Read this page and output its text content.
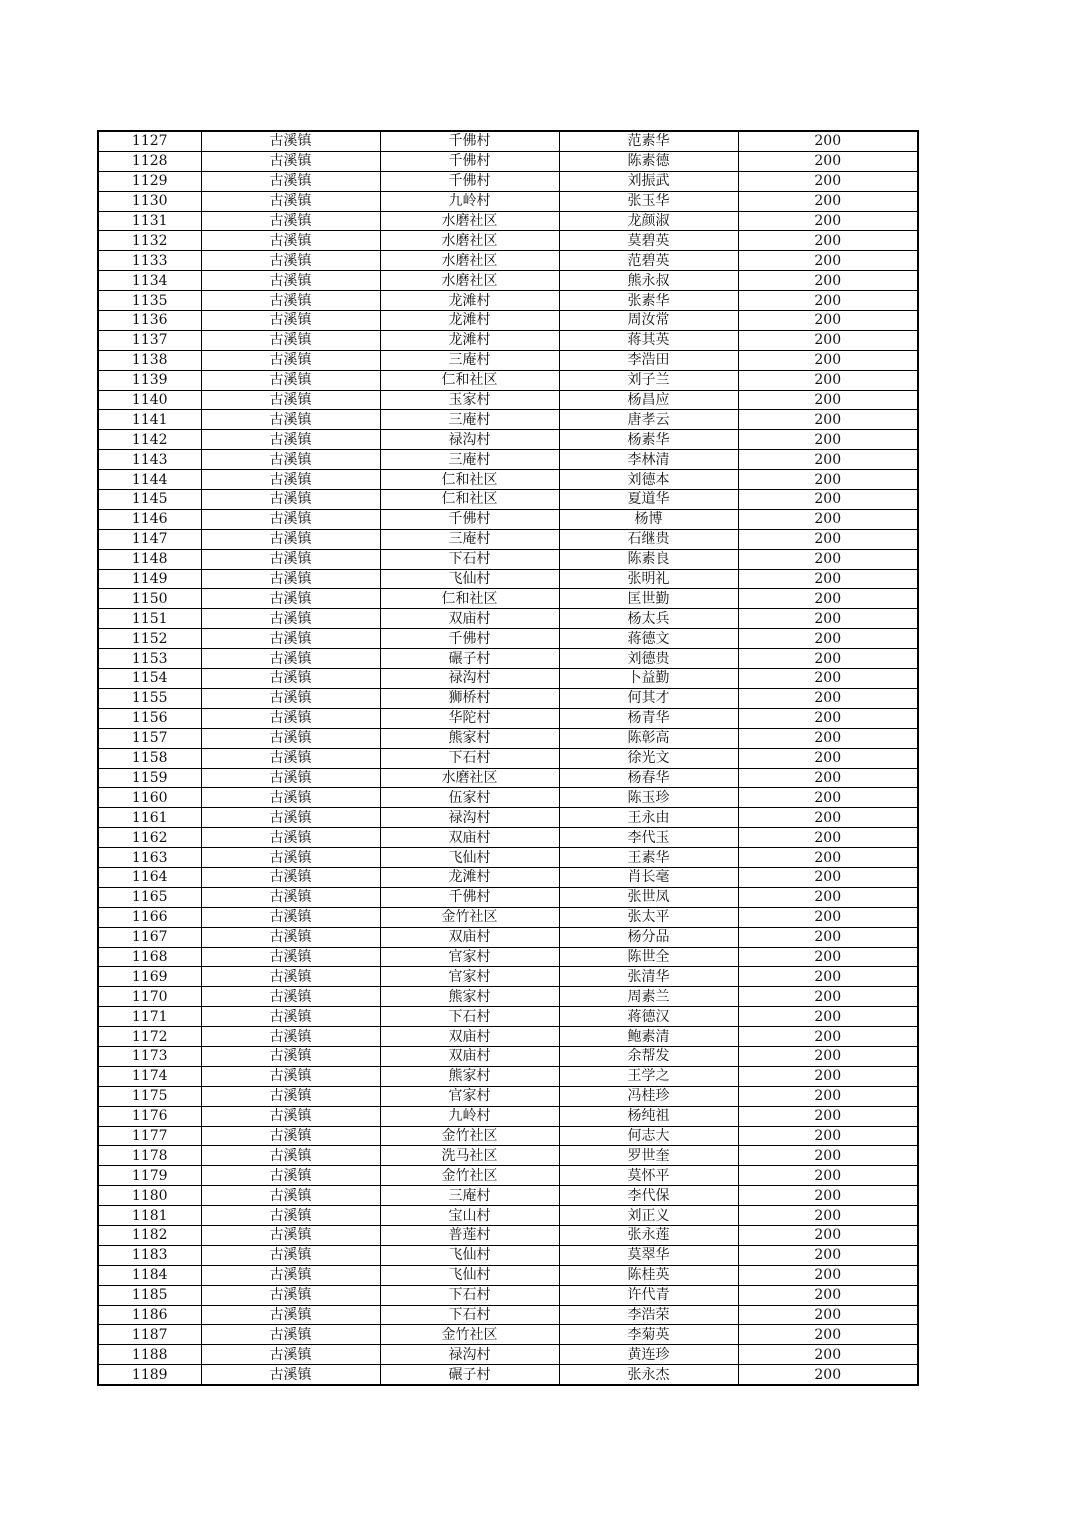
1127	古溪镇	千佛村	范素华	200
1128	古溪镇	千佛村	陈素德	200
1129	古溪镇	千佛村	刘振武	200
1130	古溪镇	九岭村	张玉华	200
1131	古溪镇	水磨社区	龙颜淑	200
1132	古溪镇	水磨社区	莫碧英	200
1133	古溪镇	水磨社区	范碧英	200
1134	古溪镇	水磨社区	熊永叔	200
1135	古溪镇	龙滩村	张素华	200
1136	古溪镇	龙滩村	周汝常	200
1137	古溪镇	龙滩村	蒋其英	200
1138	古溪镇	三庵村	李浩田	200
1139	古溪镇	仁和社区	刘子兰	200
1140	古溪镇	玉家村	杨昌应	200
1141	古溪镇	三庵村	唐孝云	200
1142	古溪镇	禄沟村	杨素华	200
1143	古溪镇	三庵村	李林清	200
1144	古溪镇	仁和社区	刘德本	200
1145	古溪镇	仁和社区	夏道华	200
1146	古溪镇	千佛村	杨博	200
1147	古溪镇	三庵村	石继贵	200
1148	古溪镇	下石村	陈素良	200
1149	古溪镇	飞仙村	张明礼	200
1150	古溪镇	仁和社区	匡世勤	200
1151	古溪镇	双庙村	杨太兵	200
1152	古溪镇	千佛村	蒋德文	200
1153	古溪镇	碾子村	刘德贵	200
1154	古溪镇	禄沟村	卜益勤	200
1155	古溪镇	狮桥村	何其才	200
1156	古溪镇	华陀村	杨青华	200
1157	古溪镇	熊家村	陈彰高	200
1158	古溪镇	下石村	徐光文	200
1159	古溪镇	水磨社区	杨春华	200
1160	古溪镇	伍家村	陈玉珍	200
1161	古溪镇	禄沟村	王永由	200
1162	古溪镇	双庙村	李代玉	200
1163	古溪镇	飞仙村	王素华	200
1164	古溪镇	龙滩村	肖长毫	200
1165	古溪镇	千佛村	张世凤	200
1166	古溪镇	金竹社区	张太平	200
1167	古溪镇	双庙村	杨分品	200
1168	古溪镇	官家村	陈世全	200
1169	古溪镇	官家村	张清华	200
1170	古溪镇	熊家村	周素兰	200
1171	古溪镇	下石村	蒋德汉	200
1172	古溪镇	双庙村	鲍素清	200
1173	古溪镇	双庙村	余帮发	200
1174	古溪镇	熊家村	王学之	200
1175	古溪镇	官家村	冯桂珍	200
1176	古溪镇	九岭村	杨纯祖	200
1177	古溪镇	金竹社区	何志大	200
1178	古溪镇	洗马社区	罗世奎	200
1179	古溪镇	金竹社区	莫怀平	200
1180	古溪镇	三庵村	李代保	200
1181	古溪镇	宝山村	刘正义	200
1182	古溪镇	普莲村	张永莲	200
1183	古溪镇	飞仙村	莫翠华	200
1184	古溪镇	飞仙村	陈桂英	200
1185	古溪镇	下石村	许代青	200
1186	古溪镇	下石村	李浩荣	200
1187	古溪镇	金竹社区	李菊英	200
1188	古溪镇	禄沟村	黄连珍	200
1189	古溪镇	碾子村	张永杰	200
